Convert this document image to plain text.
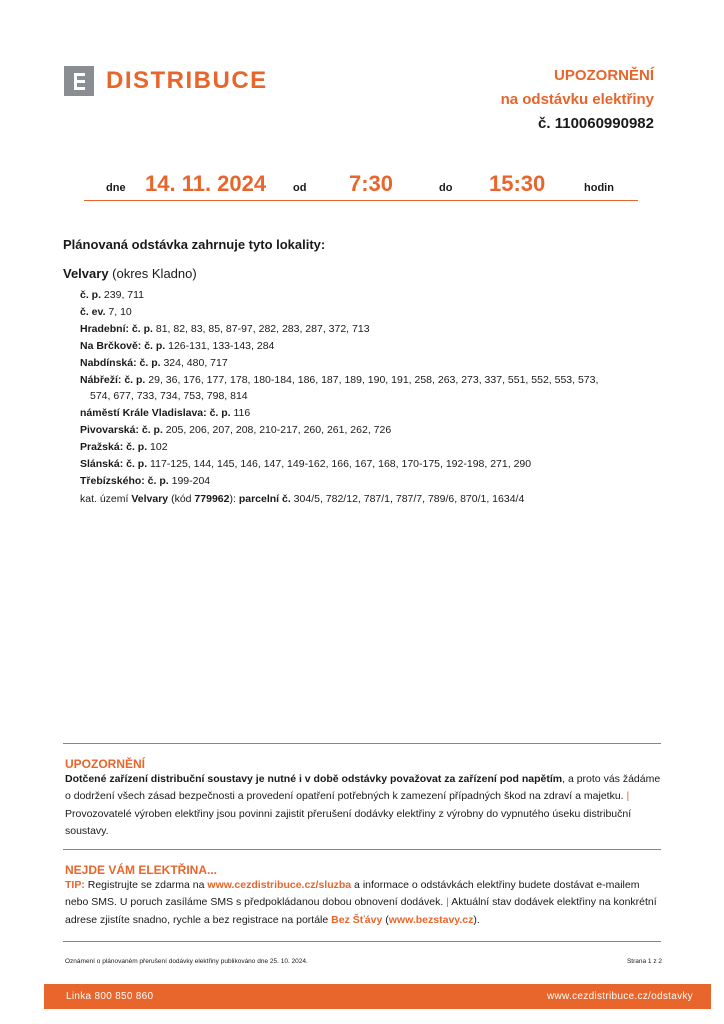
DISTRIBUCE	UPOZORNĚNÍ
na odstávku elektřiny
č. 110060990982
dne 14. 11. 2024 od 7:30	do 15:30	hodin
Plánovaná odstávka zahrnuje tyto lokality:
Velvary (okres Kladno)
č. p. 239, 711
č. ev. 7, 10
Hradební: č. p. 81, 82, 83, 85, 87-97, 282, 283, 287, 372, 713
Na Brčkově: č. p. 126-131, 133-143, 284
Nabdínská: č. p. 324, 480, 717
Nábřeží: č. p. 29, 36, 176, 177, 178, 180-184, 186, 187, 189, 190, 191, 258, 263, 273, 337, 551, 552, 553, 573,
574, 677, 733, 734, 753, 798, 814
náměstí Krále Vladislava: č. p. 116
Pivovarská: č. p. 205, 206, 207, 208, 210-217, 260, 261, 262, 726
Pražská: č. p. 102
Slánská: č. p. 117-125, 144, 145, 146, 147, 149-162, 166, 167, 168, 170-175, 192-198, 271, 290
Třebízského: č. p. 199-204
kat. území Velvary (kód 779962): parcelní č. 304/5, 782/12, 787/1, 787/7, 789/6, 870/1, 1634/4
UPOZORNĚNÍ
Dotčené zařízení distribuční soustavy je nutné i v době odstávky považovat za zařízení pod napětím, a proto vás žádáme o dodržení všech zásad bezpečnosti a provedení opatření potřebných k zamezení případných škod na zdraví a majetku. | Provozovatelé výroben elektřiny jsou povinni zajistit přerušení dodávky elektřiny z výrobny do vypnutého úseku distribuční soustavy.
NEJDE VÁM ELEKTŘINA...
TIP: Registrujte se zdarma na www.cezdistribuce.cz/sluzba a informace o odstávkách elektřiny budete dostávat e-mailem nebo SMS. U poruch zasíláme SMS s předpokládanou dobou obnovení dodávek. | Aktuální stav dodávek elektřiny na konkrétní adrese zjistíte snadno, rychle a bez registrace na portále Bez Šťávy (www.bezstavy.cz).
Oznámení o plánovaném přerušení dodávky elektřiny publikováno dne 25. 10. 2024.	Strana 1 z 2
Linka 800 850 860	www.cezdistribuce.cz/odstavky
